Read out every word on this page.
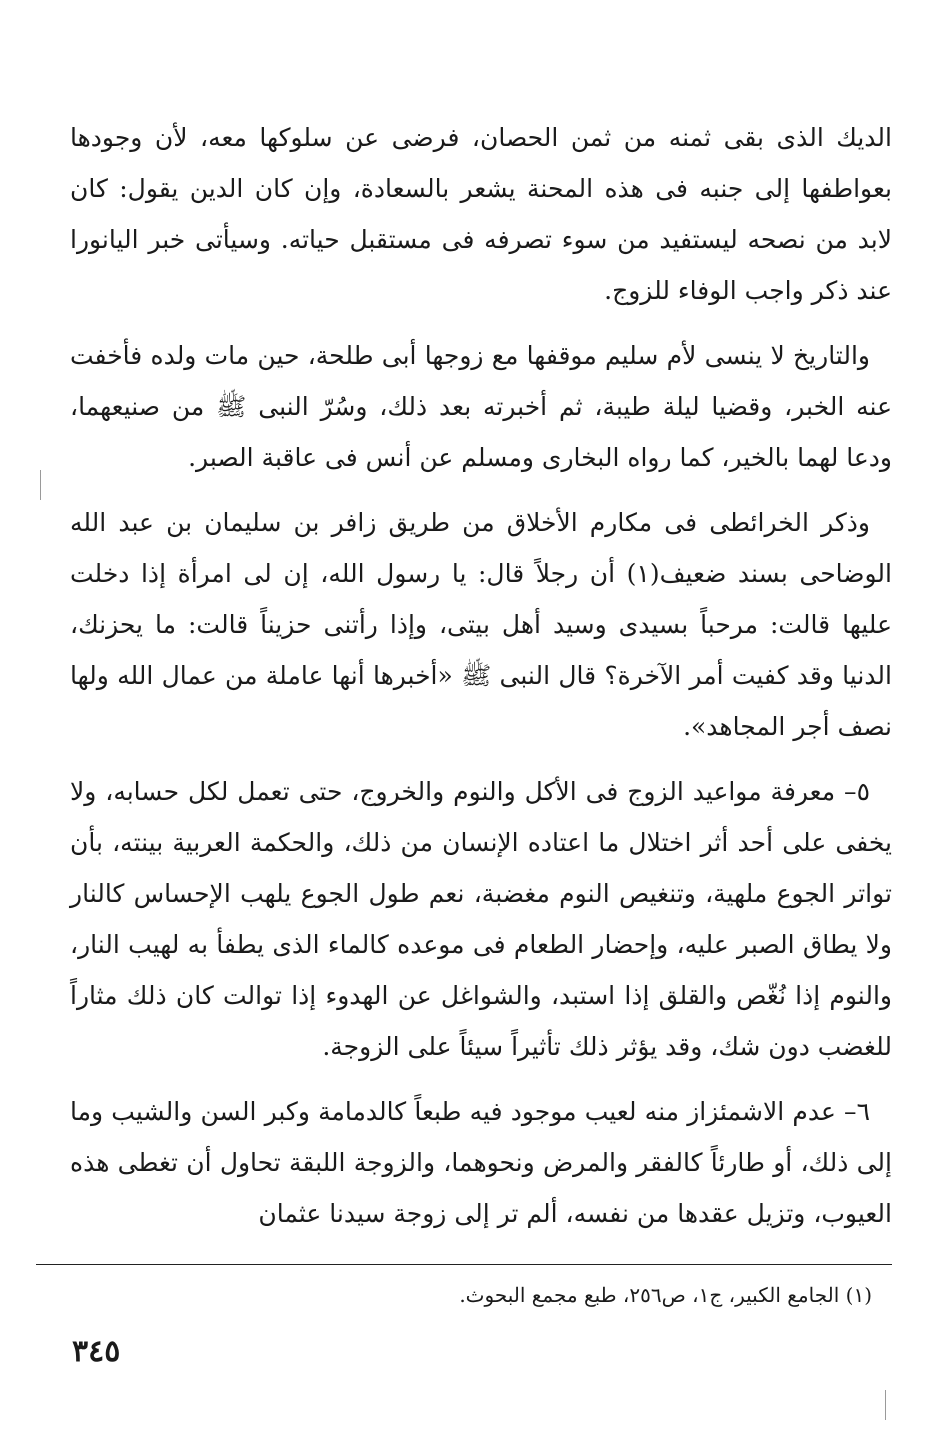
الديك الذى بقى ثمنه من ثمن الحصان، فرضى عن سلوكها معه، لأن وجودها بعواطفها إلى جنبه فى هذه المحنة يشعر بالسعادة، وإن كان الدين يقول: كان لابد من نصحه ليستفيد من سوء تصرفه فى مستقبل حياته. وسيأتى خبر اليانورا عند ذكر واجب الوفاء للزوج.

والتاريخ لا ينسى لأم سليم موقفها مع زوجها أبى طلحة، حين مات ولده فأخفت عنه الخبر، وقضيا ليلة طيبة، ثم أخبرته بعد ذلك، وسُرّ النبى ﷺ من صنيعهما، ودعا لهما بالخير، كما رواه البخارى ومسلم عن أنس فى عاقبة الصبر.

وذكر الخرائطى فى مكارم الأخلاق من طريق زافر بن سليمان بن عبد الله الوضاحى بسند ضعيف(١) أن رجلاً قال: يا رسول الله، إن لى امرأة إذا دخلت عليها قالت: مرحباً بسيدى وسيد أهل بيتى، وإذا رأتنى حزيناً قالت: ما يحزنك، الدنيا وقد كفيت أمر الآخرة؟ قال النبى ﷺ «أخبرها أنها عاملة من عمال الله ولها نصف أجر المجاهد».

٥– معرفة مواعيد الزوج فى الأكل والنوم والخروج، حتى تعمل لكل حسابه، ولا يخفى على أحد أثر اختلال ما اعتاده الإنسان من ذلك، والحكمة العربية بينته، بأن تواتر الجوع ملهية، وتنغيص النوم مغضبة، نعم طول الجوع يلهب الإحساس كالنار ولا يطاق الصبر عليه، وإحضار الطعام فى موعده كالماء الذى يطفأ به لهيب النار، والنوم إذا نُغّص والقلق إذا استبد، والشواغل عن الهدوء إذا توالت كان ذلك مثاراً للغضب دون شك، وقد يؤثر ذلك تأثيراً سيئاً على الزوجة.

٦– عدم الاشمئزاز منه لعيب موجود فيه طبعاً كالدمامة وكبر السن والشيب وما إلى ذلك، أو طارئاً كالفقر والمرض ونحوهما، والزوجة اللبقة تحاول أن تغطى هذه العيوب، وتزيل عقدها من نفسه، ألم تر إلى زوجة سيدنا عثمان

(١) الجامع الكبير، ج١، ص٢٥٦، طبع مجمع البحوث.
٣٤٥
